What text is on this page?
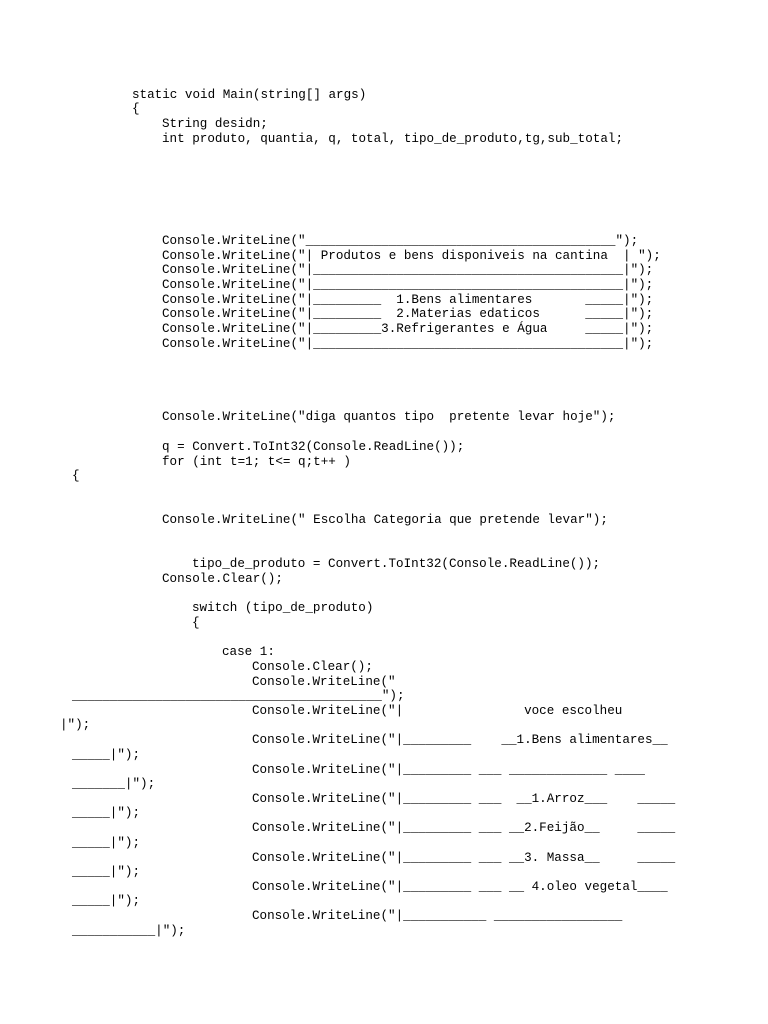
static void Main(string[] args)
{
String desidn;
int produto, quantia, q, total, tipo_de_produto,tg,sub_total;
Console.WriteLine("_________________________________________");
Console.WriteLine("| Produtos e bens disponiveis na cantina  | ");
Console.WriteLine("|_________________________________________|");
Console.WriteLine("|_________________________________________|");
Console.WriteLine("|_________  1.Bens alimentares       _____|");
Console.WriteLine("|_________  2.Materias edaticos      _____|");
Console.WriteLine("|_________3.Refrigerantes e Água     _____|");
Console.WriteLine("|_________________________________________|");
Console.WriteLine("diga quantos tipo  pretente levar hoje");
q = Convert.ToInt32(Console.ReadLine());
for (int t=1; t<= q;t++ )
{
Console.WriteLine(" Escolha Categoria que pretende levar");
tipo_de_produto = Convert.ToInt32(Console.ReadLine());
Console.Clear();
switch (tipo_de_produto)
{
case 1:
Console.Clear();
Console.WriteLine("
_________________________________________");
Console.WriteLine("|                voce escolheu
|");
Console.WriteLine("|_________    __1.Bens alimentares__
_____|");
Console.WriteLine("|_________ ___ _____________ ____
_______|");
Console.WriteLine("|_________ ___  __1.Arroz___    _____
_____|");
Console.WriteLine("|_________ ___ __2.Feijão__     _____
_____|");
Console.WriteLine("|_________ ___ __3. Massa__     _____
_____|");
Console.WriteLine("|_________ ___ __ 4.oleo vegetal____
_____|");
Console.WriteLine("|___________ _________________
___________|");
